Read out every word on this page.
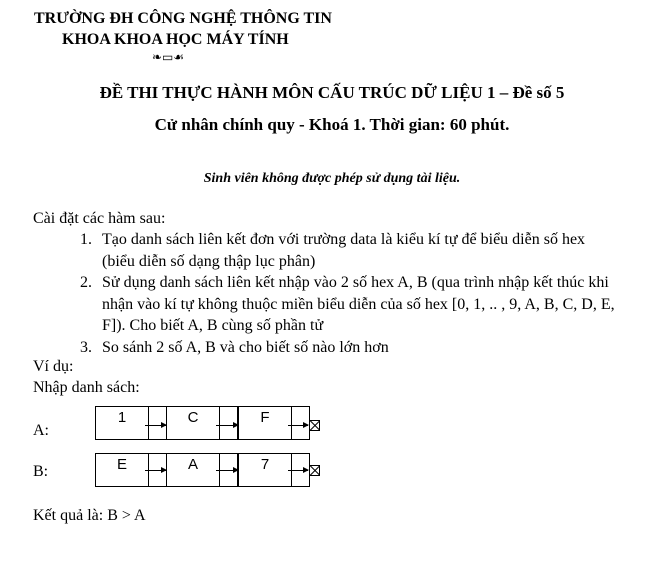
TRƯỜNG ĐH CÔNG NGHỆ THÔNG TIN
KHOA KHOA HỌC MÁY TÍNH
❧▭☙
ĐỀ THI THỰC HÀNH MÔN CẤU TRÚC DỮ LIỆU 1 – Đề số 5
Cử nhân chính quy - Khoá 1. Thời gian: 60 phút.
Sinh viên không được phép sử dụng tài liệu.
Cài đặt các hàm sau:
1. Tạo danh sách liên kết đơn với trường data là kiểu kí tự để biểu diễn số hex (biểu diễn số dạng thập lục phân)
2. Sử dụng danh sách liên kết nhập vào 2 số hex A, B (qua trình nhập kết thúc khi nhận vào kí tự không thuộc miền biểu diễn của số hex [0, 1, .. , 9, A, B, C, D, E, F]). Cho biết A, B cùng số phần tử
3. So sánh 2 số A, B và cho biết số nào lớn hơn
Ví dụ:
Nhập danh sách:
A:
1	C	F
B:	E	A	7
Kết quả là: B > A
